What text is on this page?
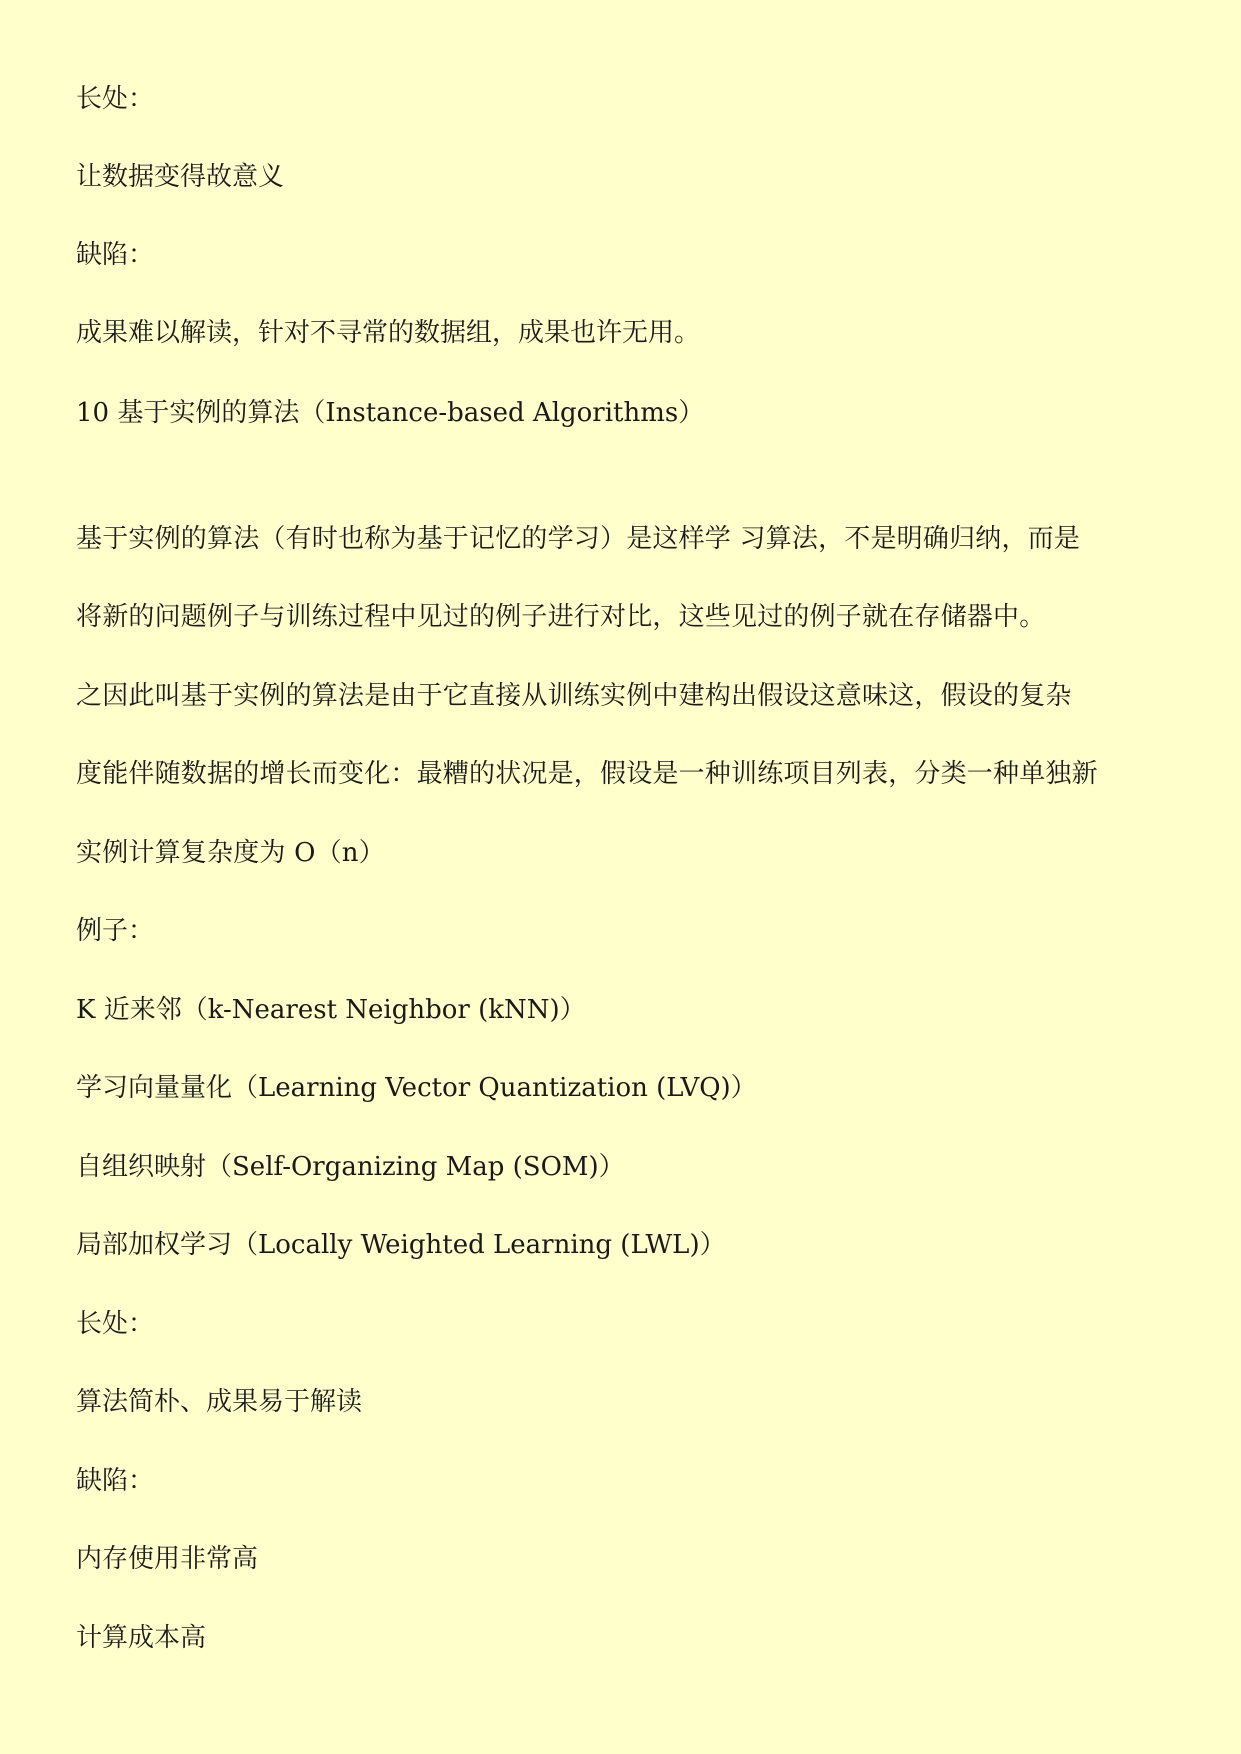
长处：
让数据变得故意义
缺陷：
成果难以解读，针对不寻常的数据组，成果也许无用。
10 基于实例的算法（Instance-based Algorithms）
基于实例的算法（有时也称为基于记忆的学习）是这样学 习算法，不是明确归纳，而是
将新的问题例子与训练过程中见过的例子进行对比，这些见过的例子就在存储器中。
之因此叫基于实例的算法是由于它直接从训练实例中建构出假设这意味这，假设的复杂
度能伴随数据的增长而变化：最糟的状况是，假设是一种训练项目列表，分类一种单独新
实例计算复杂度为 O（n）
例子：
K 近来邻（k-Nearest Neighbor (kNN)）
学习向量量化（Learning Vector Quantization (LVQ)）
自组织映射（Self-Organizing Map (SOM)）
局部加权学习（Locally Weighted Learning (LWL)）
长处：
算法简朴、成果易于解读
缺陷：
内存使用非常高
计算成本高
